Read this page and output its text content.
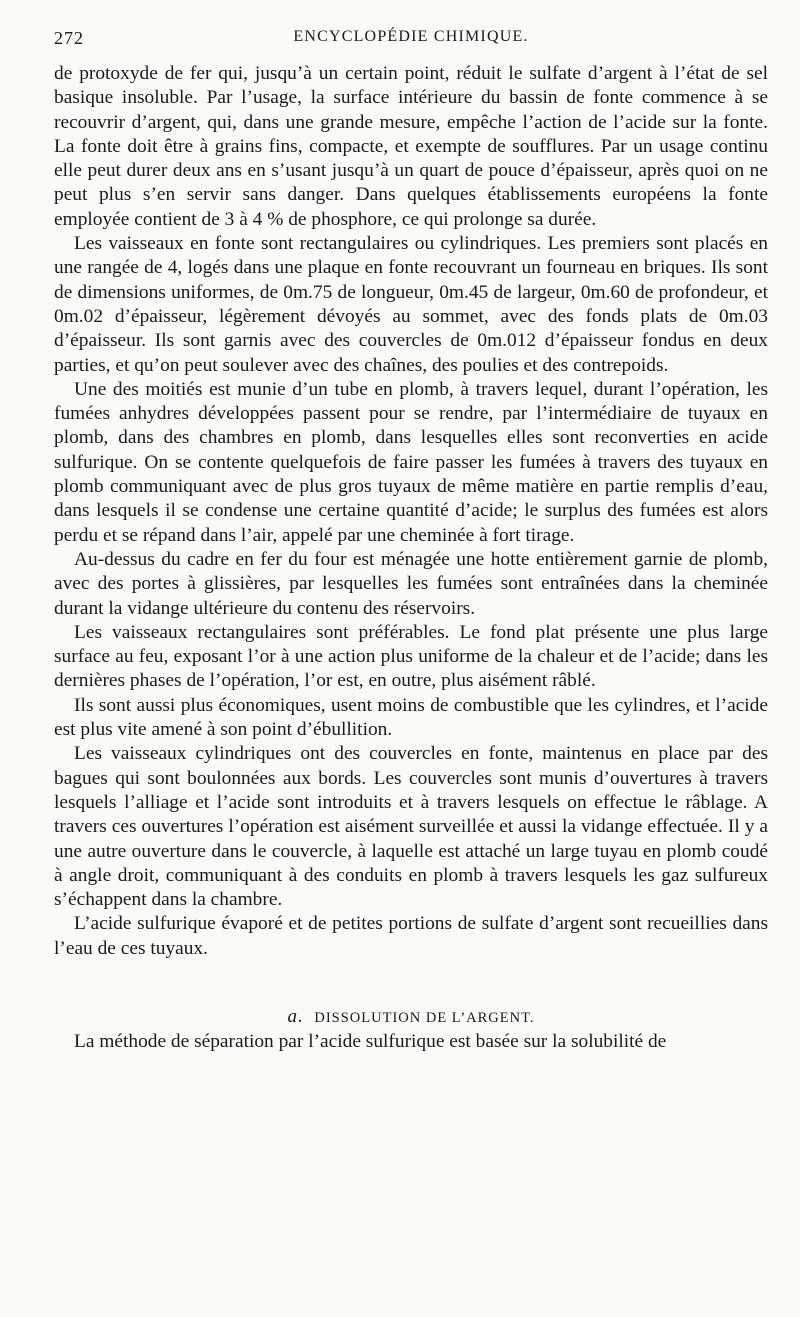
272	ENCYCLOPÉDIE CHIMIQUE.

de protoxyde de fer qui, jusqu’à un certain point, réduit le sulfate d’argent à l’état de sel basique insoluble. Par l’usage, la surface intérieure du bassin de fonte commence à se recouvrir d’argent, qui, dans une grande mesure, empêche l’action de l’acide sur la fonte. La fonte doit être à grains fins, compacte, et exempte de soufflures. Par un usage continu elle peut durer deux ans en s’usant jusqu’à un quart de pouce d’épaisseur, après quoi on ne peut plus s’en servir sans danger. Dans quelques établissements européens la fonte employée contient de 3 à 4 % de phosphore, ce qui prolonge sa durée.

Les vaisseaux en fonte sont rectangulaires ou cylindriques. Les premiers sont placés en une rangée de 4, logés dans une plaque en fonte recouvrant un fourneau en briques. Ils sont de dimensions uniformes, de 0m.75 de longueur, 0m.45 de largeur, 0m.60 de profondeur, et 0m.02 d’épaisseur, légèrement dévoyés au sommet, avec des fonds plats de 0m.03 d’épaisseur. Ils sont garnis avec des couvercles de 0m.012 d’épaisseur fondus en deux parties, et qu’on peut soulever avec des chaînes, des poulies et des contrepoids.

Une des moitiés est munie d’un tube en plomb, à travers lequel, durant l’opération, les fumées anhydres développées passent pour se rendre, par l’intermédiaire de tuyaux en plomb, dans des chambres en plomb, dans lesquelles elles sont reconverties en acide sulfurique. On se contente quelquefois de faire passer les fumées à travers des tuyaux en plomb communiquant avec de plus gros tuyaux de même matière en partie remplis d’eau, dans lesquels il se condense une certaine quantité d’acide; le surplus des fumées est alors perdu et se répand dans l’air, appelé par une cheminée à fort tirage.

Au-dessus du cadre en fer du four est ménagée une hotte entièrement garnie de plomb, avec des portes à glissières, par lesquelles les fumées sont entraînées dans la cheminée durant la vidange ultérieure du contenu des réservoirs.

Les vaisseaux rectangulaires sont préférables. Le fond plat présente une plus large surface au feu, exposant l’or à une action plus uniforme de la chaleur et de l’acide; dans les dernières phases de l’opération, l’or est, en outre, plus aisément râblé.

Ils sont aussi plus économiques, usent moins de combustible que les cylindres, et l’acide est plus vite amené à son point d’ébullition.

Les vaisseaux cylindriques ont des couvercles en fonte, maintenus en place par des bagues qui sont boulonnées aux bords. Les couvercles sont munis d’ouvertures à travers lesquels l’alliage et l’acide sont introduits et à travers lesquels on effectue le râblage. A travers ces ouvertures l’opération est aisément surveillée et aussi la vidange effectuée. Il y a une autre ouverture dans le couvercle, à laquelle est attaché un large tuyau en plomb coudé à angle droit, communiquant à des conduits en plomb à travers lesquels les gaz sulfureux s’échappent dans la chambre.

L’acide sulfurique évaporé et de petites portions de sulfate d’argent sont recueillies dans l’eau de ces tuyaux.

a. DISSOLUTION DE L’ARGENT.

La méthode de séparation par l’acide sulfurique est basée sur la solubilité de
